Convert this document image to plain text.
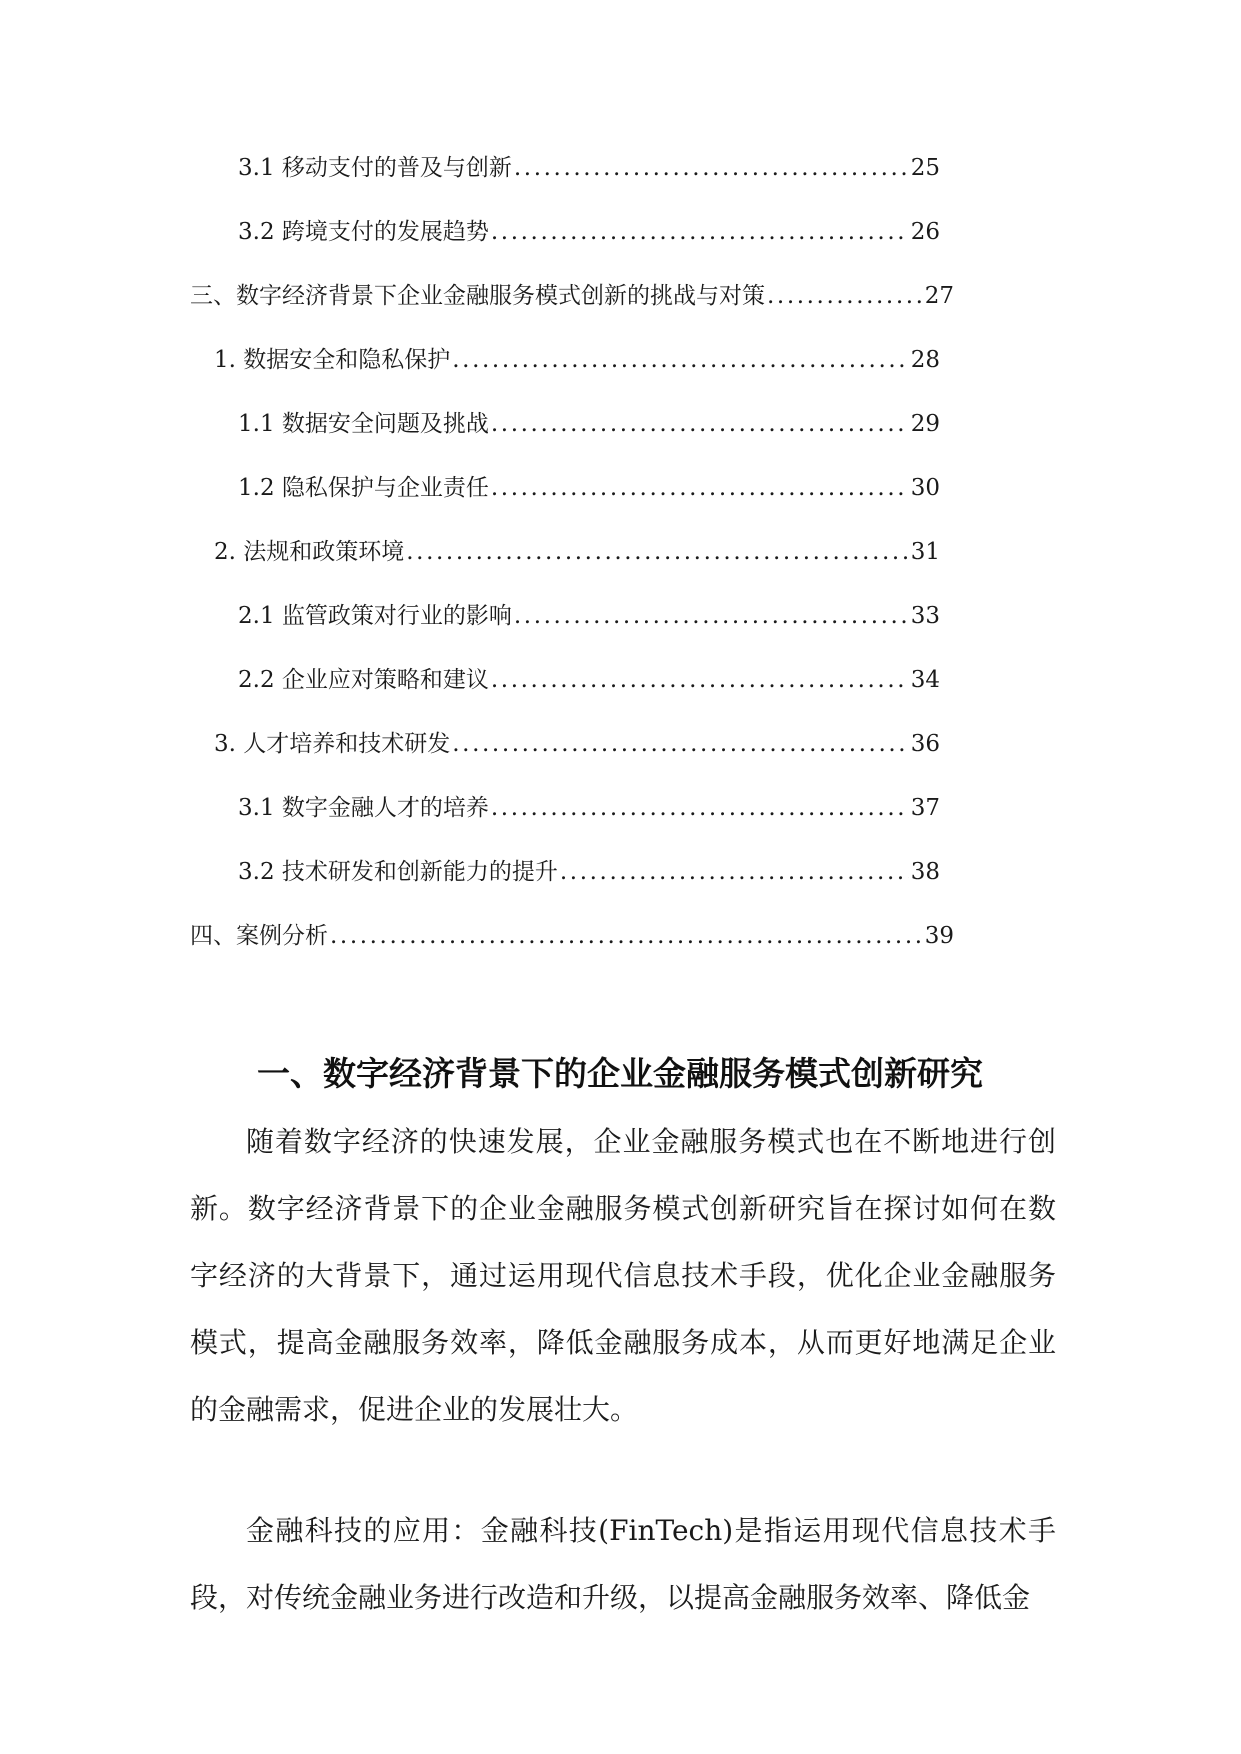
3.1 移动支付的普及与创新 .....	25
3.2 跨境支付的发展趋势 .....	26
三、数字经济背景下企业金融服务模式创新的挑战与对策 .....	27
1. 数据安全和隐私保护 .....	28
1.1 数据安全问题及挑战 .....	29
1.2 隐私保护与企业责任 .....	30
2. 法规和政策环境 .....	31
2.1 监管政策对行业的影响 .....	33
2.2 企业应对策略和建议 .....	34
3. 人才培养和技术研发 .....	36
3.1 数字金融人才的培养 .....	37
3.2 技术研发和创新能力的提升 .....	38
四、案例分析 .....	39
一、数字经济背景下的企业金融服务模式创新研究

随着数字经济的快速发展，企业金融服务模式也在不断地进行创新。数字经济背景下的企业金融服务模式创新研究旨在探讨如何在数字经济的大背景下，通过运用现代信息技术手段，优化企业金融服务模式，提高金融服务效率，降低金融服务成本，从而更好地满足企业的金融需求，促进企业的发展壮大。

金融科技的应用：金融科技(FinTech)是指运用现代信息技术手段，对传统金融业务进行改造和升级，以提高金融服务效率、降低金
